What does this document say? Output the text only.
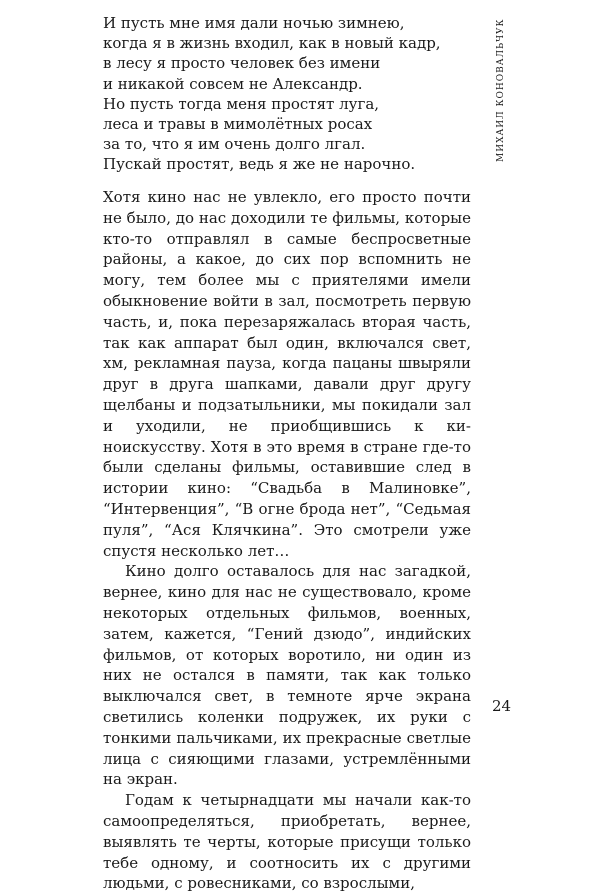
И пусть мне имя дали ночью зимнею,
когда я в жизнь входил, как в новый кадр,
в лесу я просто человек без имени
и никакой совсем не Александр.
Но пусть тогда меня простят луга,
леса и травы в мимолётных росах
за то, что я им очень долго лгал.
Пускай простят, ведь я же не нарочно.

Хотя кино нас не увлекло, его просто почти не было, до нас доходили те фильмы, которые кто-то отправлял в самые беспросветные районы, а какое, до сих пор вспомнить не могу, тем более мы с приятелями имели обыкновение войти в зал, посмотреть первую часть, и, пока перезаряжалась вторая часть, так как аппарат был один, включался свет, хм, рекламная пауза, когда пацаны швыряли друг в друга шапками, давали друг другу щелбаны и подзатыльники, мы покидали зал и уходили, не приобщившись к киноискусству. Хотя в это время в стране где-то были сделаны фильмы, оставившие след в истории кино: “Свадьба в Малиновке”, “Интервенция”, “В огне брода нет”, “Седьмая пуля”, “Ася Клячкина”. Это смотрели уже спустя несколько лет…

Кино долго оставалось для нас загадкой, вернее, кино для нас не существовало, кроме некоторых отдельных фильмов, военных, затем, кажется, “Гений дзюдо”, индийских фильмов, от которых воротило, ни один из них не остался в памяти, так как только выключался свет, в темноте ярче экрана светились коленки подружек, их руки с тонкими пальчиками, их прекрасные светлые лица с сияющими глазами, устремлёнными на экран.

Годам к четырнадцати мы начали как-то самоопределяться, приобретать, вернее, выявлять те черты, которые присущи только тебе одному, и соотносить их с другими людьми, с ровесниками, со взрослыми,

МИХАИЛ КОНОВАЛЬЧУК
24
